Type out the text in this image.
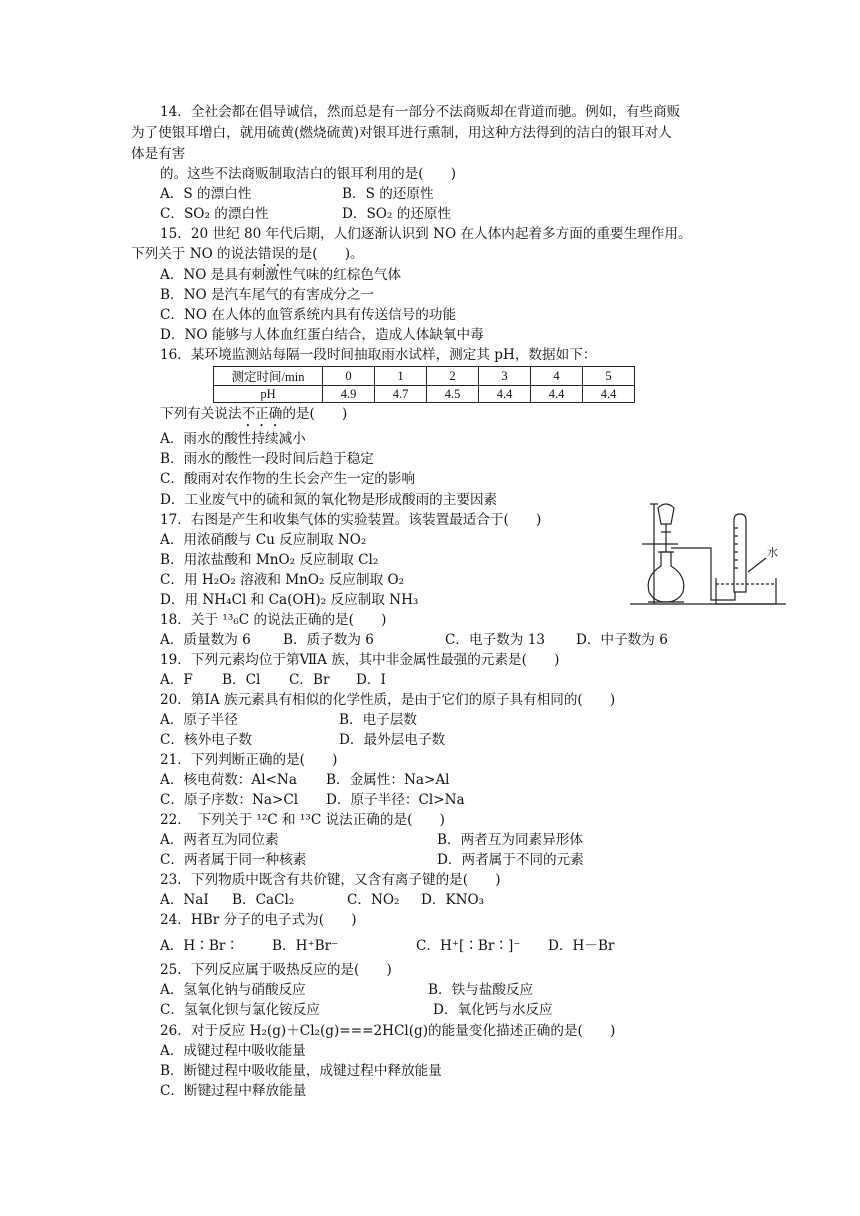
14．全社会都在倡导诚信，然而总是有一部分不法商贩却在背道而驰。例如，有些商贩
为了使银耳增白，就用硫黄(燃烧硫黄)对银耳进行熏制，用这种方法得到的洁白的银耳对人
体是有害
的。这些不法商贩制取洁白的银耳利用的是(　　)
A．S 的漂白性	B．S 的还原性
C．SO₂ 的漂白性	D．SO₂ 的还原性
15．20 世纪 80 年代后期，人们逐渐认识到 NO 在人体内起着多方面的重要生理作用。
下列关于 NO 的说法错误的是(　　)。
A．NO 是具有刺激性气味的红棕色气体
B．NO 是汽车尾气的有害成分之一
C．NO 在人体的血管系统内具有传送信号的功能
D．NO 能够与人体血红蛋白结合，造成人体缺氧中毒
16．某环境监测站每隔一段时间抽取雨水试样，测定其 pH，数据如下：
测定时间/min	0	1	2	3	4	5
pH	4.9	4.7	4.5	4.4	4.4	4.4
下列有关说法不正确的是(　　)
A．雨水的酸性持续减小
B．雨水的酸性一段时间后趋于稳定
C．酸雨对农作物的生长会产生一定的影响
D．工业废气中的硫和氮的氧化物是形成酸雨的主要因素
17．右图是产生和收集气体的实验装置。该装置最适合于(　　)
A．用浓硝酸与 Cu 反应制取 NO₂
B．用浓盐酸和 MnO₂ 反应制取 Cl₂
C．用 H₂O₂ 溶液和 MnO₂ 反应制取 O₂
D．用 NH₄Cl 和 Ca(OH)₂ 反应制取 NH₃
水
18．关于 ¹³₆C 的说法正确的是(　　)
A．质量数为 6 B．质子数为 6	C．电子数为 13 D．中子数为 6
19．下列元素均位于第ⅦA 族，其中非金属性最强的元素是(　　)
A．F B．Cl C．Br D．I
20．第ⅠA 族元素具有相似的化学性质，是由于它们的原子具有相同的(　　)
A．原子半径	B．电子层数
C．核外电子数	D．最外层电子数
21．下列判断正确的是(　　)
A．核电荷数：Al<Na B．金属性：Na>Al
C．原子序数：Na>Cl D．原子半径：Cl>Na
22．　下列关于 ¹²C 和 ¹³C 说法正确的是(　　)
A．两者互为同位素	B．两者互为同素异形体
C．两者属于同一种核素	D．两者属于不同的元素
23．下列物质中既含有共价键，又含有离子键的是(　　)
A．NaI B．CaCl₂	C．NO₂ D．KNO₃
24．HBr 分子的电子式为(　　)
A．H∶Br∶ B．H⁺Br⁻	C．H⁺[∶Br∶]⁻ D．H－Br
25．下列反应属于吸热反应的是(　　)
A．氢氧化钠与硝酸反应	B．铁与盐酸反应
C．氢氧化钡与氯化铵反应	D．氧化钙与水反应
26．对于反应 H₂(g)＋Cl₂(g)===2HCl(g)的能量变化描述正确的是(　　)
A．成键过程中吸收能量
B．断键过程中吸收能量，成键过程中释放能量
C．断键过程中释放能量
